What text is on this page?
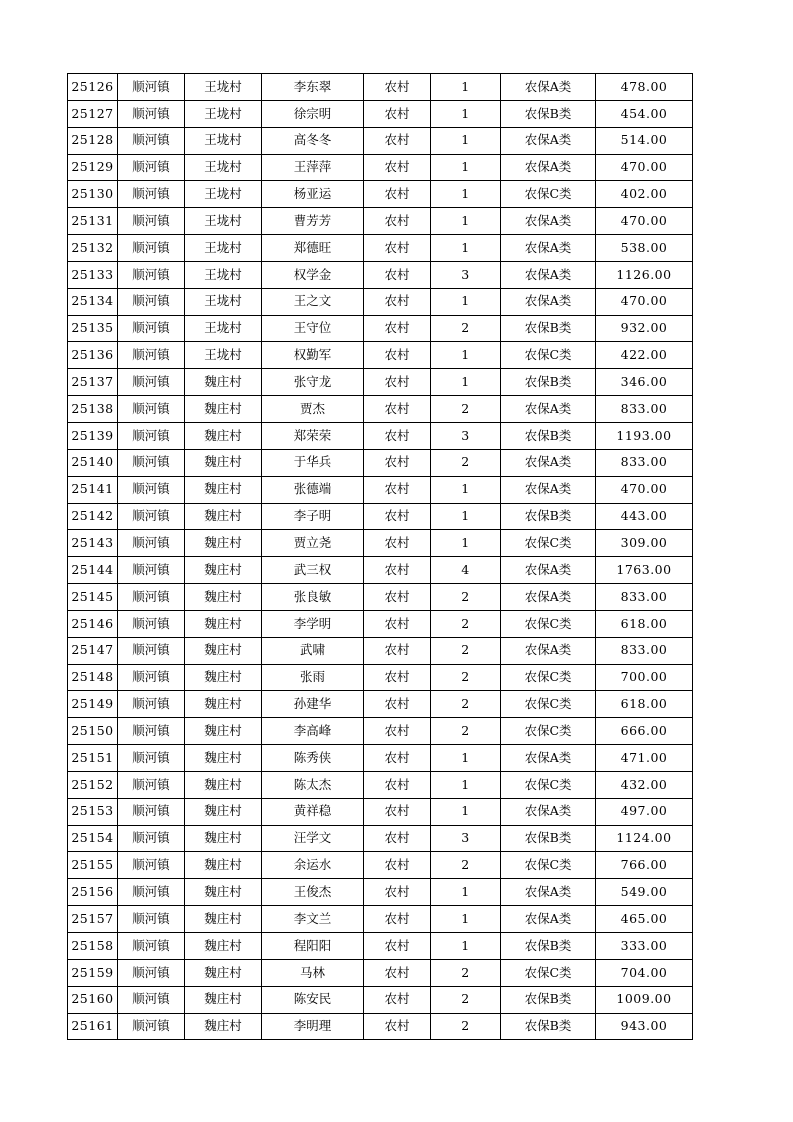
25126	顺河镇	王垅村	李东翠	农村	1	农保A类	478.00
25127	顺河镇	王垅村	徐宗明	农村	1	农保B类	454.00
25128	顺河镇	王垅村	高冬冬	农村	1	农保A类	514.00
25129	顺河镇	王垅村	王萍萍	农村	1	农保A类	470.00
25130	顺河镇	王垅村	杨亚运	农村	1	农保C类	402.00
25131	顺河镇	王垅村	曹芳芳	农村	1	农保A类	470.00
25132	顺河镇	王垅村	郑德旺	农村	1	农保A类	538.00
25133	顺河镇	王垅村	权学金	农村	3	农保A类	1126.00
25134	顺河镇	王垅村	王之文	农村	1	农保A类	470.00
25135	顺河镇	王垅村	王守位	农村	2	农保B类	932.00
25136	顺河镇	王垅村	权勤军	农村	1	农保C类	422.00
25137	顺河镇	魏庄村	张守龙	农村	1	农保B类	346.00
25138	顺河镇	魏庄村	贾杰	农村	2	农保A类	833.00
25139	顺河镇	魏庄村	郑荣荣	农村	3	农保B类	1193.00
25140	顺河镇	魏庄村	于华兵	农村	2	农保A类	833.00
25141	顺河镇	魏庄村	张德端	农村	1	农保A类	470.00
25142	顺河镇	魏庄村	李子明	农村	1	农保B类	443.00
25143	顺河镇	魏庄村	贾立尧	农村	1	农保C类	309.00
25144	顺河镇	魏庄村	武三权	农村	4	农保A类	1763.00
25145	顺河镇	魏庄村	张良敏	农村	2	农保A类	833.00
25146	顺河镇	魏庄村	李学明	农村	2	农保C类	618.00
25147	顺河镇	魏庄村	武啸	农村	2	农保A类	833.00
25148	顺河镇	魏庄村	张雨	农村	2	农保C类	700.00
25149	顺河镇	魏庄村	孙建华	农村	2	农保C类	618.00
25150	顺河镇	魏庄村	李高峰	农村	2	农保C类	666.00
25151	顺河镇	魏庄村	陈秀侠	农村	1	农保A类	471.00
25152	顺河镇	魏庄村	陈太杰	农村	1	农保C类	432.00
25153	顺河镇	魏庄村	黄祥稳	农村	1	农保A类	497.00
25154	顺河镇	魏庄村	汪学文	农村	3	农保B类	1124.00
25155	顺河镇	魏庄村	余运水	农村	2	农保C类	766.00
25156	顺河镇	魏庄村	王俊杰	农村	1	农保A类	549.00
25157	顺河镇	魏庄村	李文兰	农村	1	农保A类	465.00
25158	顺河镇	魏庄村	程阳阳	农村	1	农保B类	333.00
25159	顺河镇	魏庄村	马林	农村	2	农保C类	704.00
25160	顺河镇	魏庄村	陈安民	农村	2	农保B类	1009.00
25161	顺河镇	魏庄村	李明理	农村	2	农保B类	943.00
